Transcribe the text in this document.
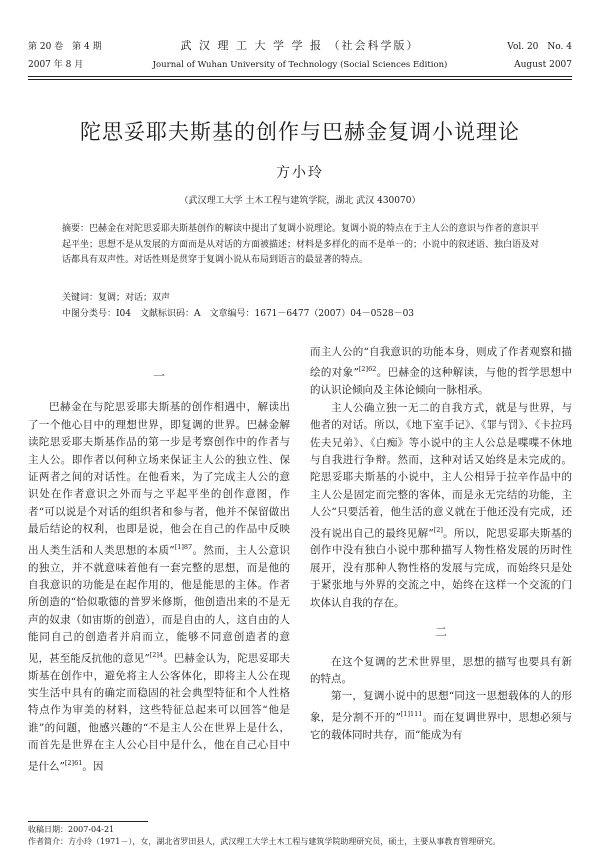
第 20 卷　第 4 期
2007 年 8 月
武 汉 理 工 大 学 学 报 （社会科学版）
Journal of Wuhan University of Technology (Social Sciences Edition)
Vol. 20　No. 4
August 2007
陀思妥耶夫斯基的创作与巴赫金复调小说理论
方小玲
（武汉理工大学 土木工程与建筑学院，湖北 武汉 430070）

摘要：巴赫金在对陀思妥耶夫斯基创作的解读中提出了复调小说理论。复调小说的特点在于主人公的意识与作者的意识平起平坐；思想不是从发展的方面而是从对话的方面被描述；材料是多样化的而不是单一的；小说中的叙述语、独白语及对话都具有双声性。对话性则是贯穿于复调小说从布局到语言的最显著的特点。

关键词：复调；对话；双声
中图分类号：I04　文献标识码：A　文章编号：1671－6477（2007）04－0528－03

一

巴赫金在与陀思妥耶夫斯基的创作相遇中，解读出了一个他心目中的理想世界，即复调的世界。巴赫金解读陀思妥耶夫斯基作品的第一步是考察创作中的作者与主人公。即作者以何种立场来保证主人公的独立性、保证两者之间的对话性。在他看来，为了完成主人公的意识处在作者意识之外而与之平起平坐的创作意图，作者“可以说是个对话的组织者和参与者，他并不保留做出最后结论的权利，也即是说，他会在自己的作品中反映出人类生活和人类思想的本质”$^{[1]87}$。然而，主人公意识的独立，并不就意味着他有一套完整的思想，而是他的自我意识的功能是在起作用的，他是能思的主体。作者所创造的“恰似歌德的普罗米修斯，他创造出来的不是无声的奴隶（如宙斯的创造），而是自由的人，这自由的人能同自己的创造者并肩而立，能够不同意创造者的意见，甚至能反抗他的意见”$^{[2]4}$。巴赫金认为，陀思妥耶夫斯基在创作中，避免将主人公客体化，即将主人公在现实生活中具有的确定而稳固的社会典型特征和个人性格特点作为审美的材料，这些特征总起来可以回答“他是谁”的问题，他感兴趣的“不是主人公在世界上是什么，而首先是世界在主人公心目中是什么，他在自己心目中是什么”$^{[2]61}$。因

而主人公的“自我意识的功能本身，则成了作者观察和描绘的对象”$^{[2]62}$。巴赫金的这种解读，与他的哲学思想中的认识论倾向及主体论倾向一脉相承。

主人公确立独一无二的自我方式，就是与世界，与他者的对话。所以，《地下室手记》、《罪与罚》、《卡拉玛佐夫兄弟》、《白痴》等小说中的主人公总是喋喋不休地与自我进行争辩。然而，这种对话又始终是未完成的。陀思妥耶夫斯基的小说中，主人公相异于拉辛作品中的主人公是固定而完整的客体，而是永无完结的功能，主人公“只要活着，他生活的意义就在于他还没有完成，还没有说出自己的最终见解”[2]。所以，陀思妥耶夫斯基的创作中没有独白小说中那种描写人物性格发展的历时性展开，没有那种人物性格的发展与完成，而始终只是处于紧张地与外界的交流之中，始终在这样一个交流的门坎体认自我的存在。

二

在这个复调的艺术世界里，思想的描写也要具有新的特点。

第一，复调小说中的思想“同这一思想载体的人的形象，是分割不开的”$^{[1]111}$。而在复调世界中，思想必须与它的载体同时共存，而“能成为有

收稿日期：2007-04-21
作者简介：方小玲（1971－），女，湖北省罗田县人，武汉理工大学土木工程与建筑学院助理研究员，硕士，主要从事教育管理研究。
